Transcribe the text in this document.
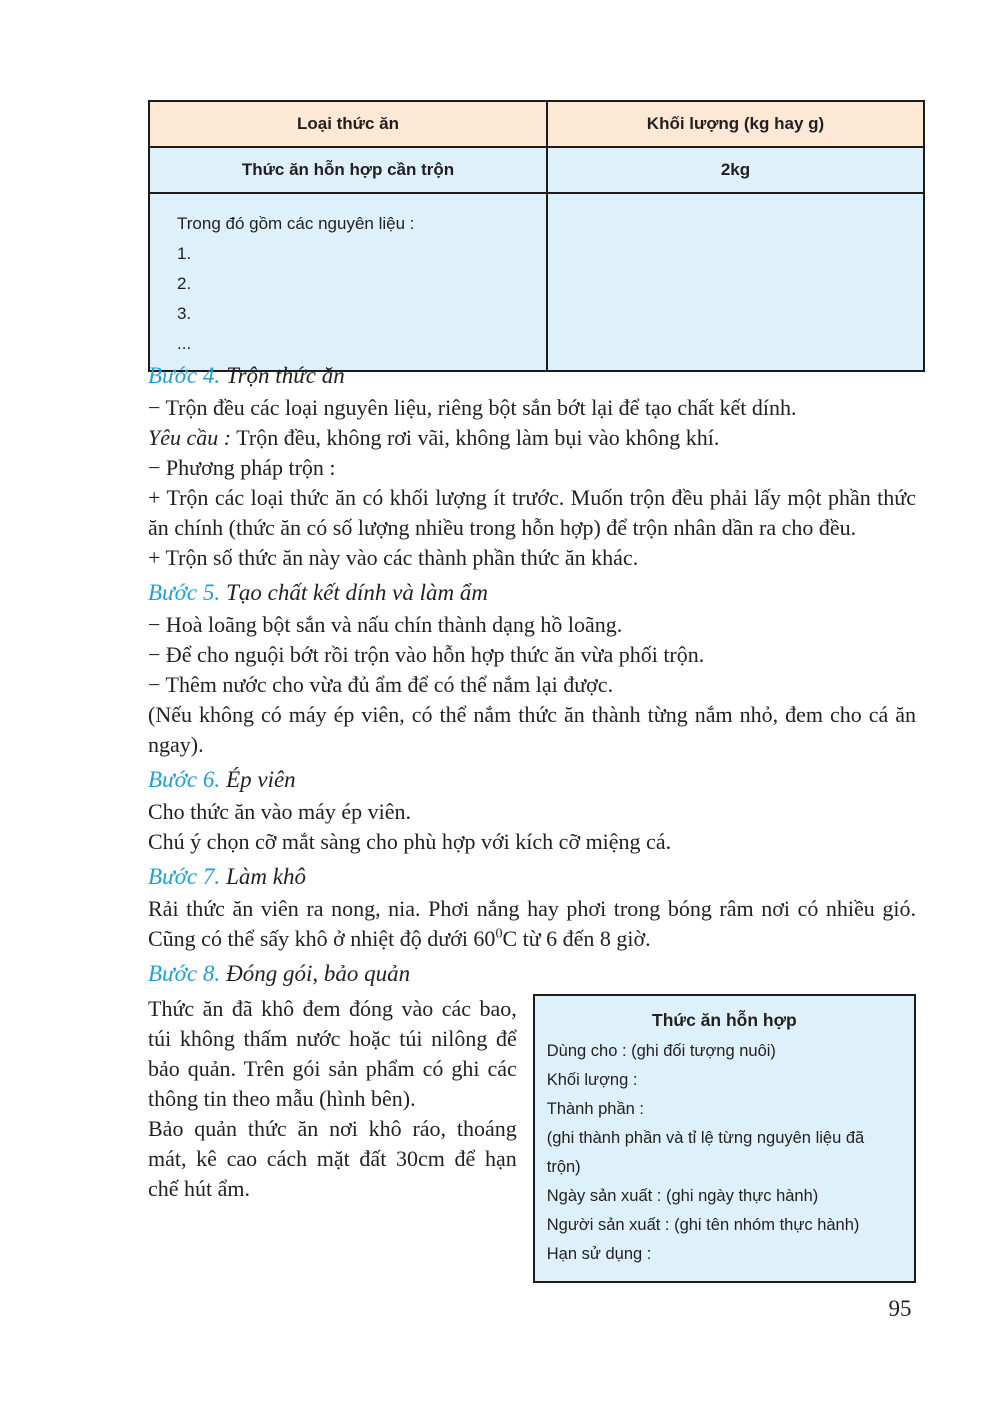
Loại thức ăn	Khối lượng (kg hay g)
Thức ăn hỗn hợp cần trộn	2kg

Trong đó gồm các nguyên liệu :
1.
2.
3.
...	

Bước 4. Trộn thức ăn

− Trộn đều các loại nguyên liệu, riêng bột sắn bớt lại để tạo chất kết dính.

Yêu cầu : Trộn đều, không rơi vãi, không làm bụi vào không khí.

− Phương pháp trộn :

+ Trộn các loại thức ăn có khối lượng ít trước. Muốn trộn đều phải lấy một phần thức ăn chính (thức ăn có số lượng nhiều trong hỗn hợp) để trộn nhân dần ra cho đều.

+ Trộn số thức ăn này vào các thành phần thức ăn khác.

Bước 5. Tạo chất kết dính và làm ẩm

− Hoà loãng bột sắn và nấu chín thành dạng hồ loãng.

− Để cho nguội bớt rồi trộn vào hỗn hợp thức ăn vừa phối trộn.

− Thêm nước cho vừa đủ ẩm để có thể nắm lại được.

(Nếu không có máy ép viên, có thể nắm thức ăn thành từng nắm nhỏ, đem cho cá ăn ngay).

Bước 6. Ép viên

Cho thức ăn vào máy ép viên.

Chú ý chọn cỡ mắt sàng cho phù hợp với kích cỡ miệng cá.

Bước 7. Làm khô

Rải thức ăn viên ra nong, nia. Phơi nắng hay phơi trong bóng râm nơi có nhiều gió. Cũng có thể sấy khô ở nhiệt độ dưới $60^0C$ từ 6 đến 8 giờ.

Bước 8. Đóng gói, bảo quản

Thức ăn đã khô đem đóng vào các bao, túi không thấm nước hoặc túi nilông để bảo quản. Trên gói sản phẩm có ghi các thông tin theo mẫu (hình bên).

Bảo quản thức ăn nơi khô ráo, thoáng mát, kê cao cách mặt đất 30cm để hạn chế hút ẩm.

Thức ăn hỗn hợp
Dùng cho : (ghi đối tượng nuôi)
Khối lượng :
Thành phần :
(ghi thành phần và tỉ lệ từng nguyên liệu đã trộn)
Ngày sản xuất : (ghi ngày thực hành)
Người sản xuất : (ghi tên nhóm thực hành)
Hạn sử dụng :
95
